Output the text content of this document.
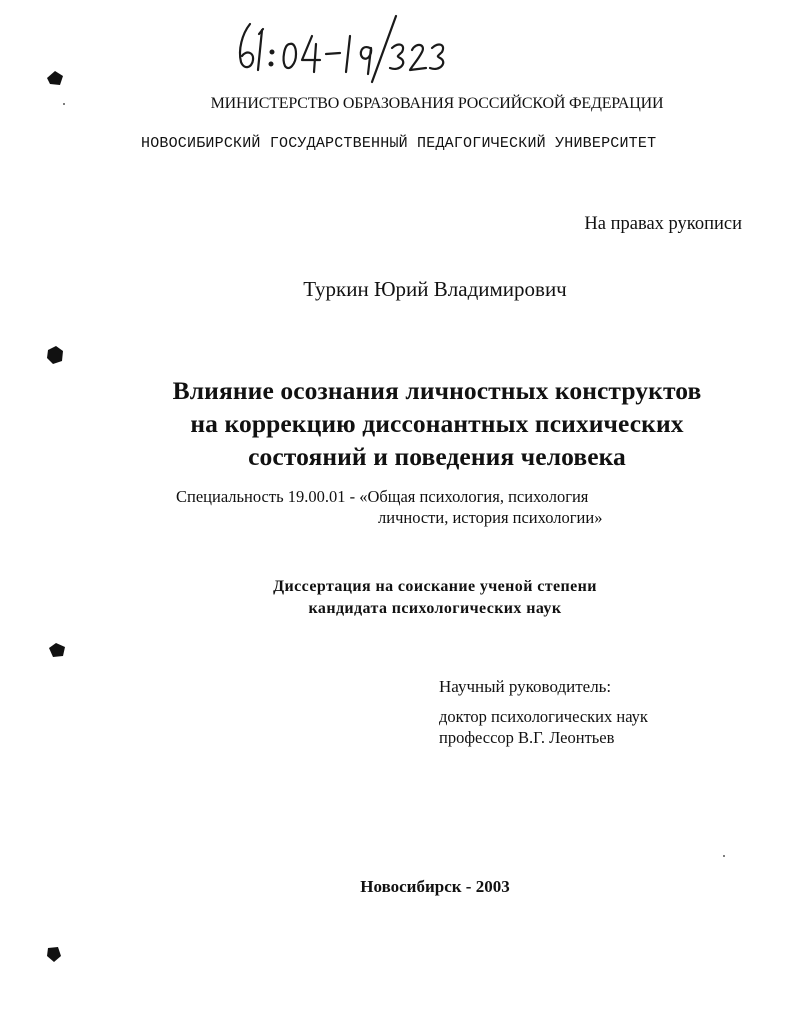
МИНИСТЕРСТВО ОБРАЗОВАНИЯ РОССИЙСКОЙ ФЕДЕРАЦИИ
НОВОСИБИРСКИЙ ГОСУДАРСТВЕННЫЙ ПЕДАГОГИЧЕСКИЙ УНИВЕРСИТЕТ
На правах рукописи
Туркин Юрий Владимирович
Влияние осознания личностных конструктов
на коррекцию диссонантных психических
состояний и поведения человека
Специальность 19.00.01 - «Общая психология, психология
личности, история психологии»
Диссертация на соискание ученой степени
кандидата психологических наук
Научный руководитель:
доктор психологических наук
профессор В.Г. Леонтьев
Новосибирск - 2003
